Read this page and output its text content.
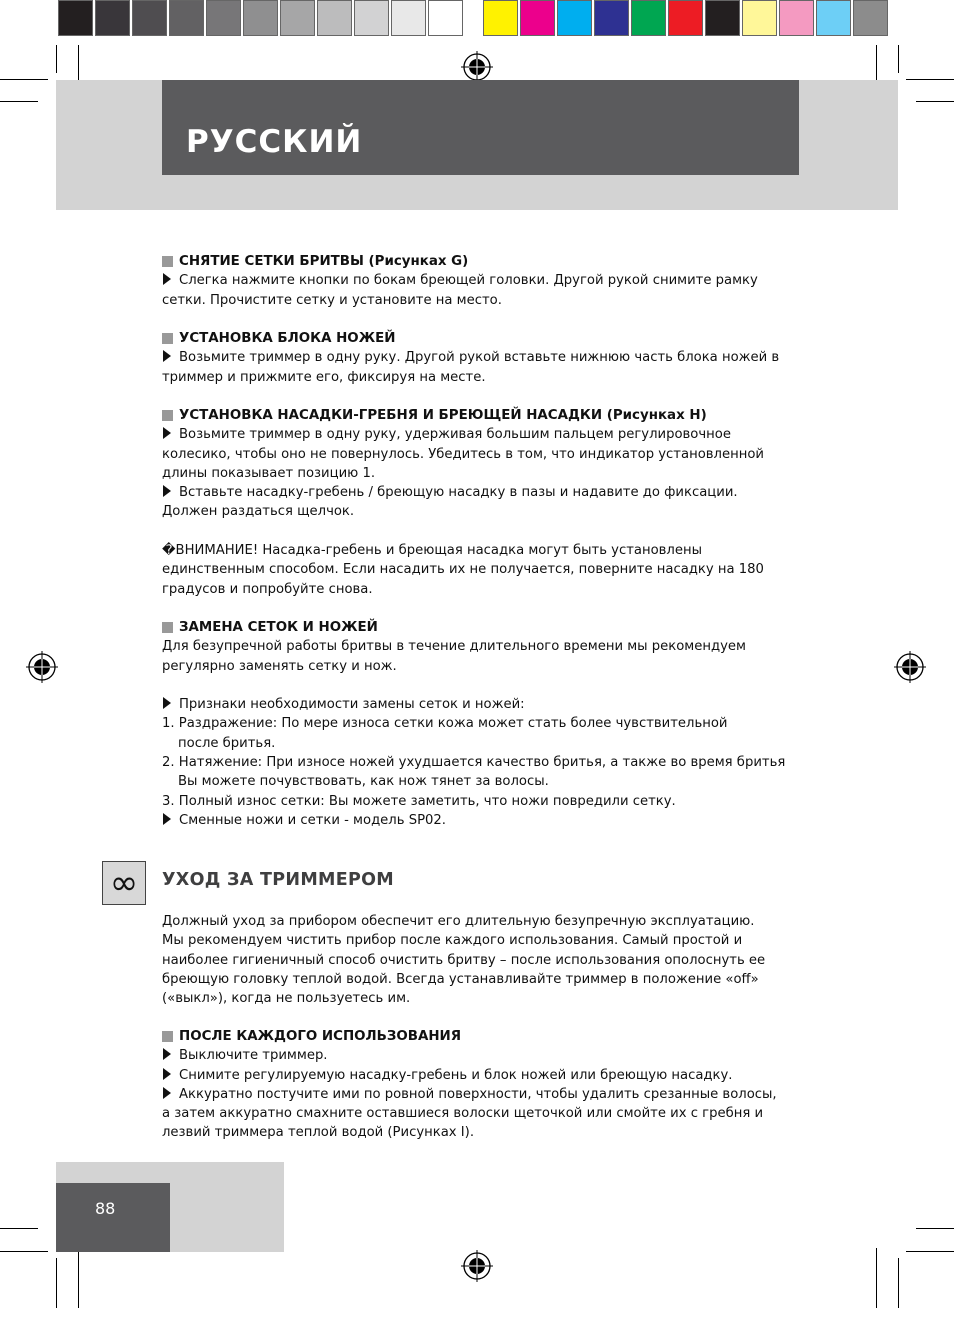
РУССКИЙ
СНЯТИЕ СЕТКИ БРИТВЫ (Рисунках G)

Слегка нажмите кнопки по бокам бреющей головки. Другой рукой снимите рамку

сетки. Прочистите сетку и установите на место.

УСТАНОВКА БЛОКА НОЖЕЙ

Возьмите триммер в одну руку. Другой рукой вставьте нижнюю часть блока ножей в

триммер и прижмите его, фиксируя на месте.

УСТАНОВКА НАСАДКИ-ГРЕБНЯ И БРЕЮЩЕЙ НАСАДКИ (Рисунках H)

Возьмите триммер в одну руку, удерживая большим пальцем регулировочное

колесико, чтобы оно не повернулось. Убедитесь в том, что индикатор установленной

длины показывает позицию 1.

Вставьте насадку-гребень / бреющую насадку в пазы и надавите до фиксации.

Должен раздаться щелчок.

�ВНИМАНИЕ! Насадка-гребень и бреющая насадка могут быть установлены

единственным способом. Если насадить их не получается, поверните насадку на 180

градусов и попробуйте снова.

ЗАМЕНА СЕТОК И НОЖЕЙ

Для безупречной работы бритвы в течение длительного времени мы рекомендуем

регулярно заменять сетку и нож.

Признаки необходимости замены сеток и ножей:

1. Раздражение: По мере износа сетки кожа может стать более чувствительной

после бритья.

2. Натяжение: При износе ножей ухудшается качество бритья, а также во время бритья

Вы можете почувствовать, как нож тянет за волосы.

3. Полный износ сетки: Вы можете заметить, что ножи повредили сетку.

Сменные ножи и сетки - модель SP02.

∞	УХОД ЗА ТРИММЕРОМ

Должный уход за прибором обеспечит его длительную безупречную эксплуатацию.

Мы рекомендуем чистить прибор после каждого использования. Самый простой и

наиболее гигиеничный способ очистить бритву – после использования ополоснуть ее

бреющую головку теплой водой. Всегда устанавливайте триммер в положение «off»

(«выкл»), когда не пользуетесь им.

ПОСЛЕ КАЖДОГО ИСПОЛЬЗОВАНИЯ

Выключите триммер.

Снимите регулируемую насадку-гребень и блок ножей или бреющую насадку.

Аккуратно постучите ими по ровной поверхности, чтобы удалить срезанные волосы,

а затем аккуратно смахните оставшиеся волоски щеточкой или смойте их с гребня и

лезвий триммера теплой водой (Рисунках I).

88
